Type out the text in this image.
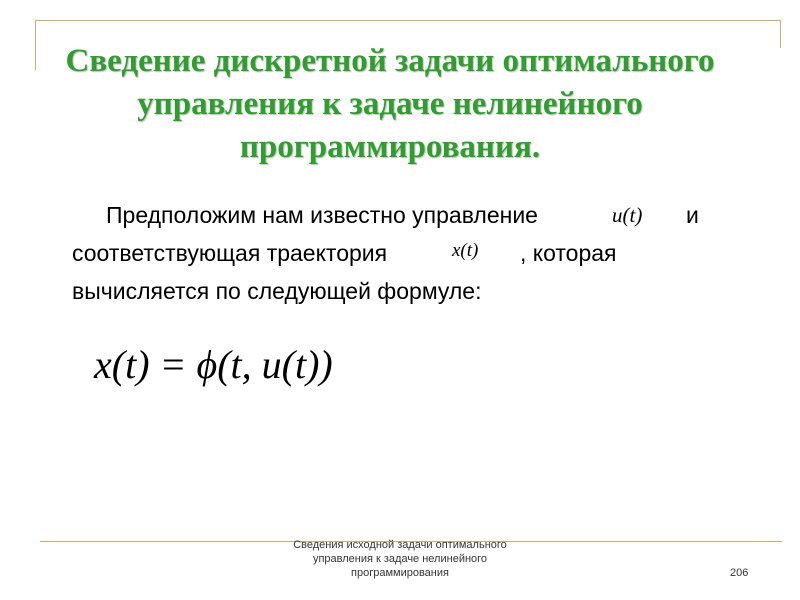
Сведение дискретной задачи оптимального управления к задаче нелинейного программирования.
Предположим нам известно управление	u(t) и
соответствующая траектория	x(t) , которая
вычисляется по следующей формуле:
x(t) = ϕ(t, u(t))
Сведения исходной задачи оптимального
управления к задаче нелинейного
программирования	206
